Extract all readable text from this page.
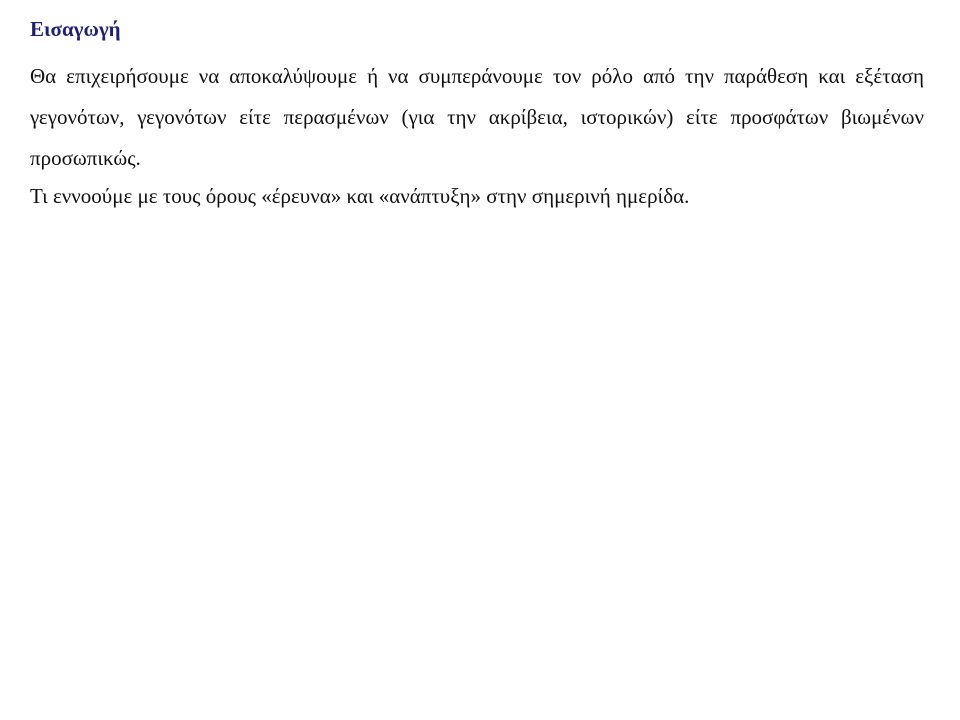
Εισαγωγή

Θα επιχειρήσουμε να αποκαλύψουμε ή να συμπεράνουμε τον ρόλο από την παράθεση και εξέταση γεγονότων, γεγονότων είτε περασμένων (για την ακρίβεια, ιστορικών) είτε προσφάτων βιωμένων προσωπικώς.

Τι εννοούμε με τους όρους «έρευνα» και «ανάπτυξη» στην σημερινή ημερίδα.
